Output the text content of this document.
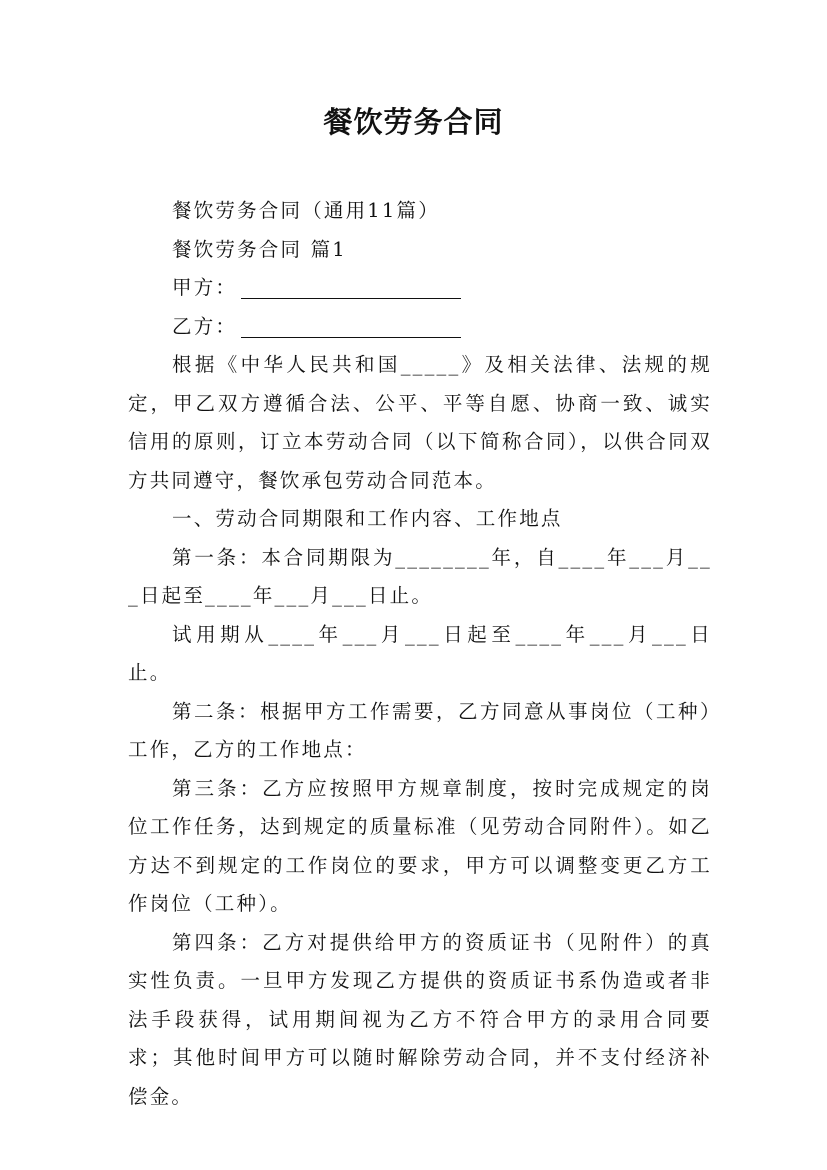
餐饮劳务合同

餐饮劳务合同（通用11篇）

餐饮劳务合同 篇1

甲方：

乙方：

根据《中华人民共和国_____》及相关法律、法规的规定，甲乙双方遵循合法、公平、平等自愿、协商一致、诚实信用的原则，订立本劳动合同（以下简称合同），以供合同双方共同遵守，餐饮承包劳动合同范本。

一、劳动合同期限和工作内容、工作地点

第一条：本合同期限为________年，自____年___月___日起至____年___月___日止。

试用期从____年___月___日起至____年___月___日止。

第二条：根据甲方工作需要，乙方同意从事岗位（工种）工作，乙方的工作地点：

第三条：乙方应按照甲方规章制度，按时完成规定的岗位工作任务，达到规定的质量标准（见劳动合同附件）。如乙方达不到规定的工作岗位的要求，甲方可以调整变更乙方工作岗位（工种）。

第四条：乙方对提供给甲方的资质证书（见附件）的真实性负责。一旦甲方发现乙方提供的资质证书系伪造或者非法手段获得，试用期间视为乙方不符合甲方的录用合同要求；其他时间甲方可以随时解除劳动合同，并不支付经济补偿金。
